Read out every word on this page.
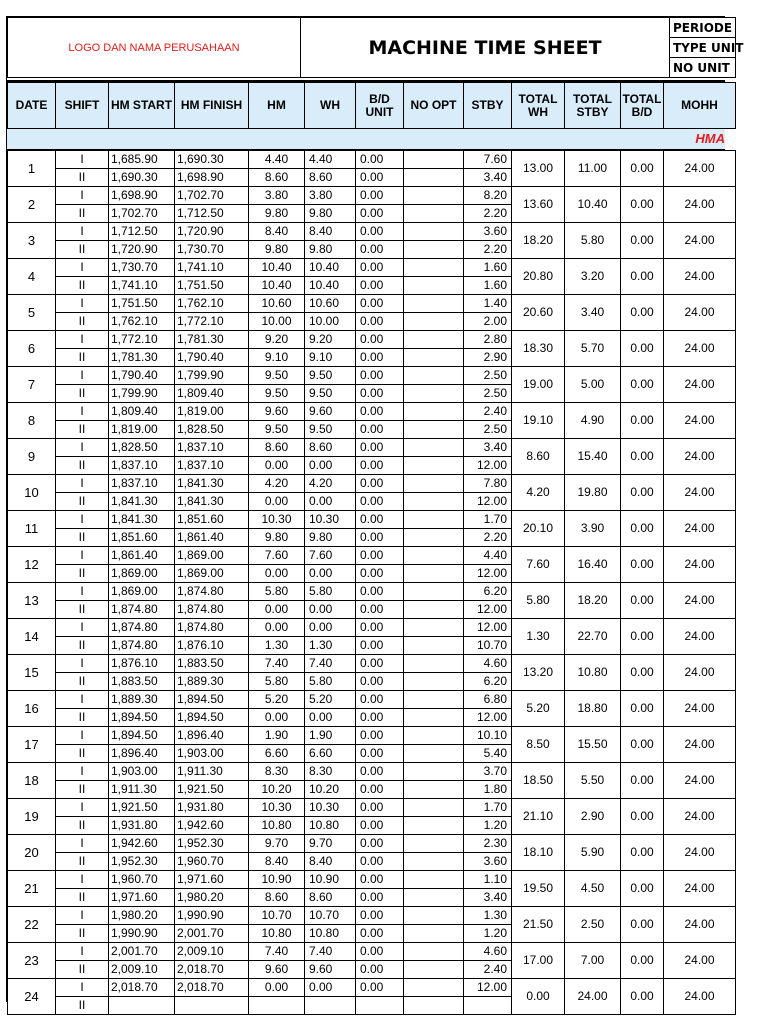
LOGO DAN NAMA PERUSAHAAN	MACHINE TIME SHEET	PERIODE
TYPE UNIT
NO UNIT
DATE	SHIFT	HM START	HM FINISH	HM	WH	B/D UNIT	NO OPT	STBY	TOTAL WH	TOTAL STBY	TOTAL B/D	MOHH
HMA
1	I	1,685.90	1,690.30	4.40	4.40	0.00		7.60	13.00	11.00	0.00	24.00
	II	1,690.30	1,698.90	8.60	8.60	0.00		3.40				
2	I	1,698.90	1,702.70	3.80	3.80	0.00		8.20	13.60	10.40	0.00	24.00
	II	1,702.70	1,712.50	9.80	9.80	0.00		2.20				
3	I	1,712.50	1,720.90	8.40	8.40	0.00		3.60	18.20	5.80	0.00	24.00
	II	1,720.90	1,730.70	9.80	9.80	0.00		2.20				
4	I	1,730.70	1,741.10	10.40	10.40	0.00		1.60	20.80	3.20	0.00	24.00
	II	1,741.10	1,751.50	10.40	10.40	0.00		1.60				
5	I	1,751.50	1,762.10	10.60	10.60	0.00		1.40	20.60	3.40	0.00	24.00
	II	1,762.10	1,772.10	10.00	10.00	0.00		2.00				
6	I	1,772.10	1,781.30	9.20	9.20	0.00		2.80	18.30	5.70	0.00	24.00
	II	1,781.30	1,790.40	9.10	9.10	0.00		2.90				
7	I	1,790.40	1,799.90	9.50	9.50	0.00		2.50	19.00	5.00	0.00	24.00
	II	1,799.90	1,809.40	9.50	9.50	0.00		2.50				
8	I	1,809.40	1,819.00	9.60	9.60	0.00		2.40	19.10	4.90	0.00	24.00
	II	1,819.00	1,828.50	9.50	9.50	0.00		2.50				
9	I	1,828.50	1,837.10	8.60	8.60	0.00		3.40	8.60	15.40	0.00	24.00
	II	1,837.10	1,837.10	0.00	0.00	0.00		12.00				
10	I	1,837.10	1,841.30	4.20	4.20	0.00		7.80	4.20	19.80	0.00	24.00
	II	1,841.30	1,841.30	0.00	0.00	0.00		12.00				
11	I	1,841.30	1,851.60	10.30	10.30	0.00		1.70	20.10	3.90	0.00	24.00
	II	1,851.60	1,861.40	9.80	9.80	0.00		2.20				
12	I	1,861.40	1,869.00	7.60	7.60	0.00		4.40	7.60	16.40	0.00	24.00
	II	1,869.00	1,869.00	0.00	0.00	0.00		12.00				
13	I	1,869.00	1,874.80	5.80	5.80	0.00		6.20	5.80	18.20	0.00	24.00
	II	1,874.80	1,874.80	0.00	0.00	0.00		12.00				
14	I	1,874.80	1,874.80	0.00	0.00	0.00		12.00	1.30	22.70	0.00	24.00
	II	1,874.80	1,876.10	1.30	1.30	0.00		10.70				
15	I	1,876.10	1,883.50	7.40	7.40	0.00		4.60	13.20	10.80	0.00	24.00
	II	1,883.50	1,889.30	5.80	5.80	0.00		6.20				
16	I	1,889.30	1,894.50	5.20	5.20	0.00		6.80	5.20	18.80	0.00	24.00
	II	1,894.50	1,894.50	0.00	0.00	0.00		12.00				
17	I	1,894.50	1,896.40	1.90	1.90	0.00		10.10	8.50	15.50	0.00	24.00
	II	1,896.40	1,903.00	6.60	6.60	0.00		5.40				
18	I	1,903.00	1,911.30	8.30	8.30	0.00		3.70	18.50	5.50	0.00	24.00
	II	1,911.30	1,921.50	10.20	10.20	0.00		1.80				
19	I	1,921.50	1,931.80	10.30	10.30	0.00		1.70	21.10	2.90	0.00	24.00
	II	1,931.80	1,942.60	10.80	10.80	0.00		1.20				
20	I	1,942.60	1,952.30	9.70	9.70	0.00		2.30	18.10	5.90	0.00	24.00
	II	1,952.30	1,960.70	8.40	8.40	0.00		3.60				
21	I	1,960.70	1,971.60	10.90	10.90	0.00		1.10	19.50	4.50	0.00	24.00
	II	1,971.60	1,980.20	8.60	8.60	0.00		3.40				
22	I	1,980.20	1,990.90	10.70	10.70	0.00		1.30	21.50	2.50	0.00	24.00
	II	1,990.90	2,001.70	10.80	10.80	0.00		1.20				
23	I	2,001.70	2,009.10	7.40	7.40	0.00		4.60	17.00	7.00	0.00	24.00
	II	2,009.10	2,018.70	9.60	9.60	0.00		2.40				
24	I	2,018.70	2,018.70	0.00	0.00	0.00		12.00	0.00	24.00	0.00	24.00
	II											
